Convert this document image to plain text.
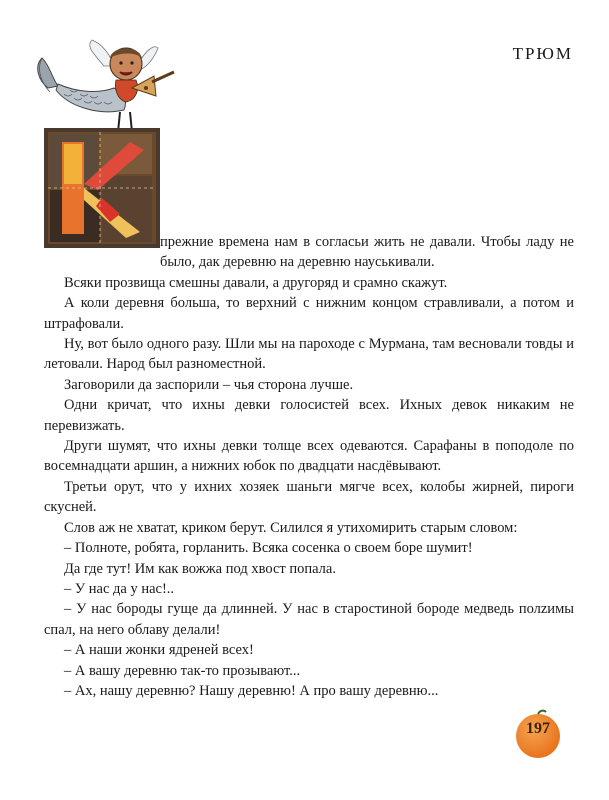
ТРЮМ

прежние времена нам в согласьи жить не давали. Чтобы ладу не было, дак деревню на деревню науськивали.

Всяки прозвища смешны давали, а другоряд и срамно скажут.

А коли деревня больша, то верхний с нижним концом стравливали, а потом и штрафовали.

Ну, вот было одного разу. Шли мы на пароходе с Мурмана, там весновали товды и летовали. Народ был разноместной.

Заговорили да заспорили – чья сторона лучше.

Одни кричат, что ихны девки голосистей всех. Ихных девок никаким не перевизжать.

Други шумят, что ихны девки толще всех одеваются. Сарафаны в поподоле по восемнадцати аршин, а нижних юбок по двадцати насдёвывают.

Третьи орут, что у ихних хозяек шаньги мягче всех, колобы жирней, пироги скусней.

Слов аж не хватат, криком берут. Силился я утихомирить старым словом:

– Полноте, робята, горланить. Всяка сосенка о своем боре шумит!

Да где тут! Им как вожжа под хвост попала.

– У нас да у нас!..

– У нас бороды гуще да длинней. У нас в старостиной бороде медведь полzимы спал, на него облаву делали!

– А наши жонки ядреней всех!

– А вашу деревню так-то прозывают...

– Ах, нашу деревню? Нашу деревню! А про вашу деревню...

197
